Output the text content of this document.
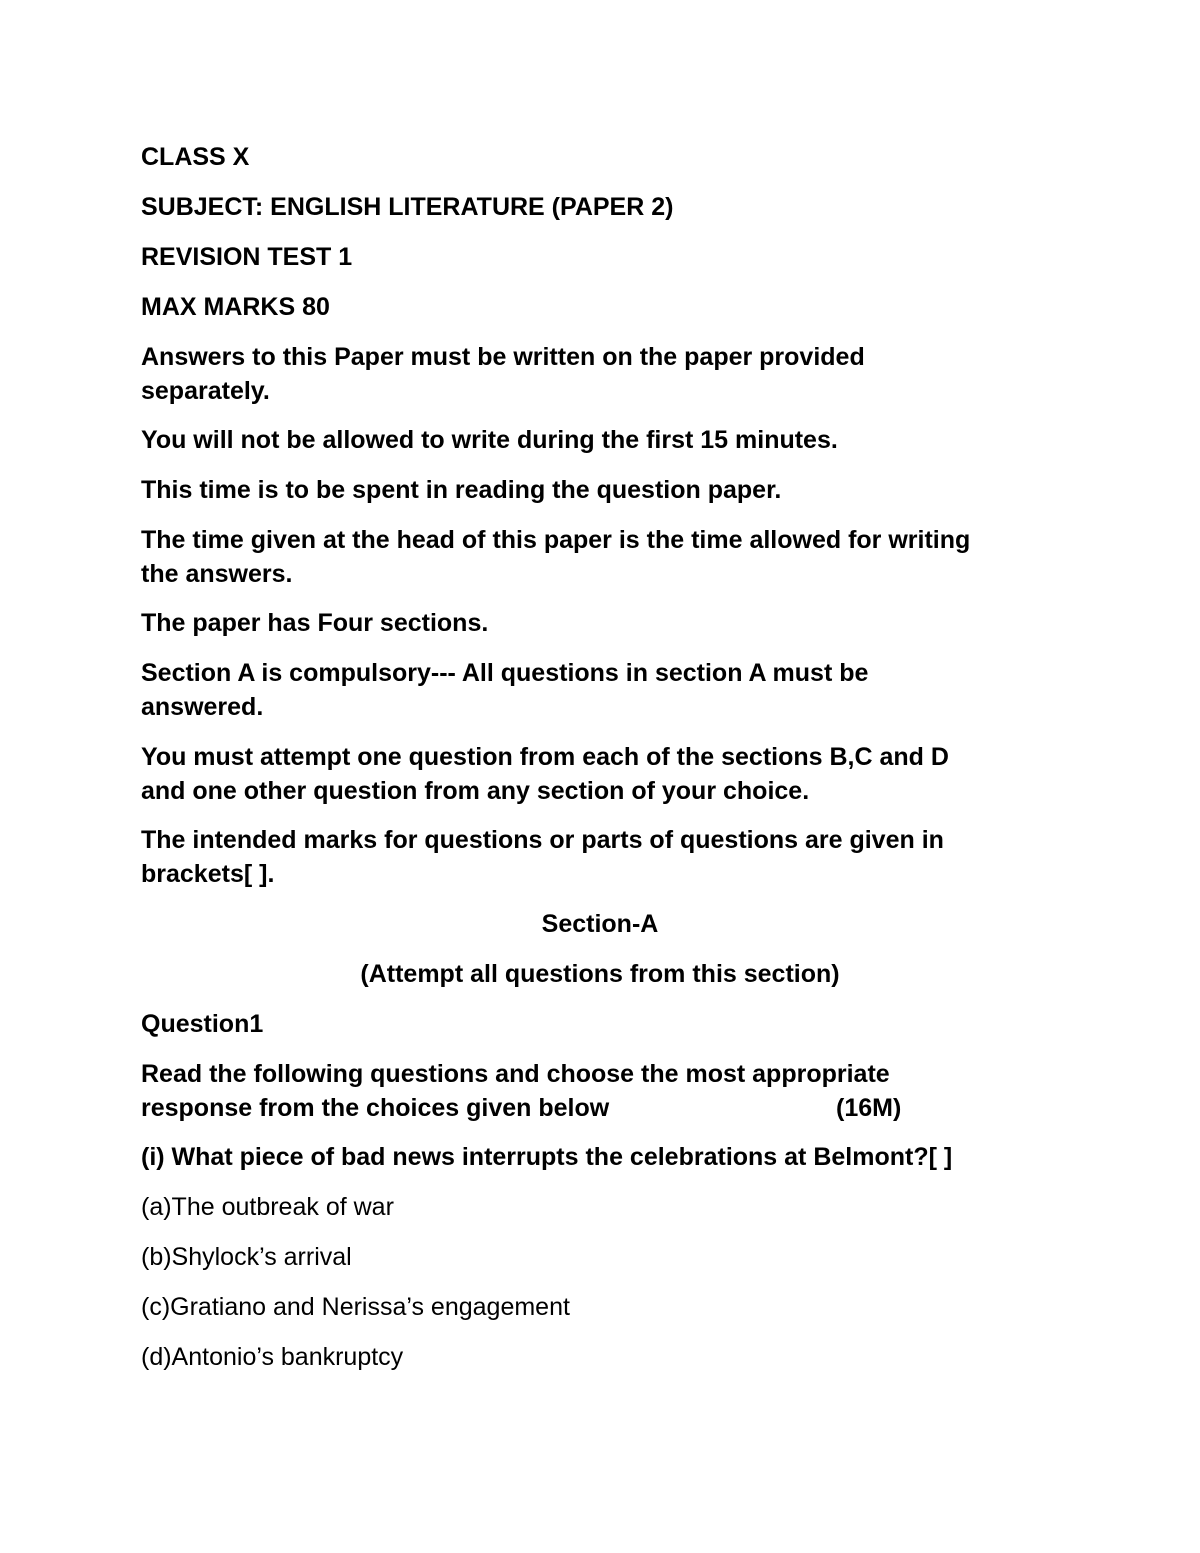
CLASS X
SUBJECT: ENGLISH LITERATURE (PAPER 2)
REVISION TEST 1
MAX MARKS 80
Answers to this Paper must be written on the paper provided
separately.
You will not be allowed to write during the first 15 minutes.
This time is to be spent in reading the question paper.
The time given at the head of this paper is the time allowed for writing
the answers.
The paper has Four sections.
Section A is compulsory--- All questions in section A must be
answered.
You must attempt one question from each of the sections B,C and D
and one other question from any section of your choice.
The intended marks for questions or parts of questions are given in
brackets[ ].
Section-A
(Attempt all questions from this section)
Question1
Read the following questions and choose the most appropriate
response from the choices given below	(16M)
(i) What piece of bad news interrupts the celebrations at Belmont?[ ]
(a)The outbreak of war
(b)Shylock’s arrival
(c)Gratiano and Nerissa’s engagement
(d)Antonio’s bankruptcy
